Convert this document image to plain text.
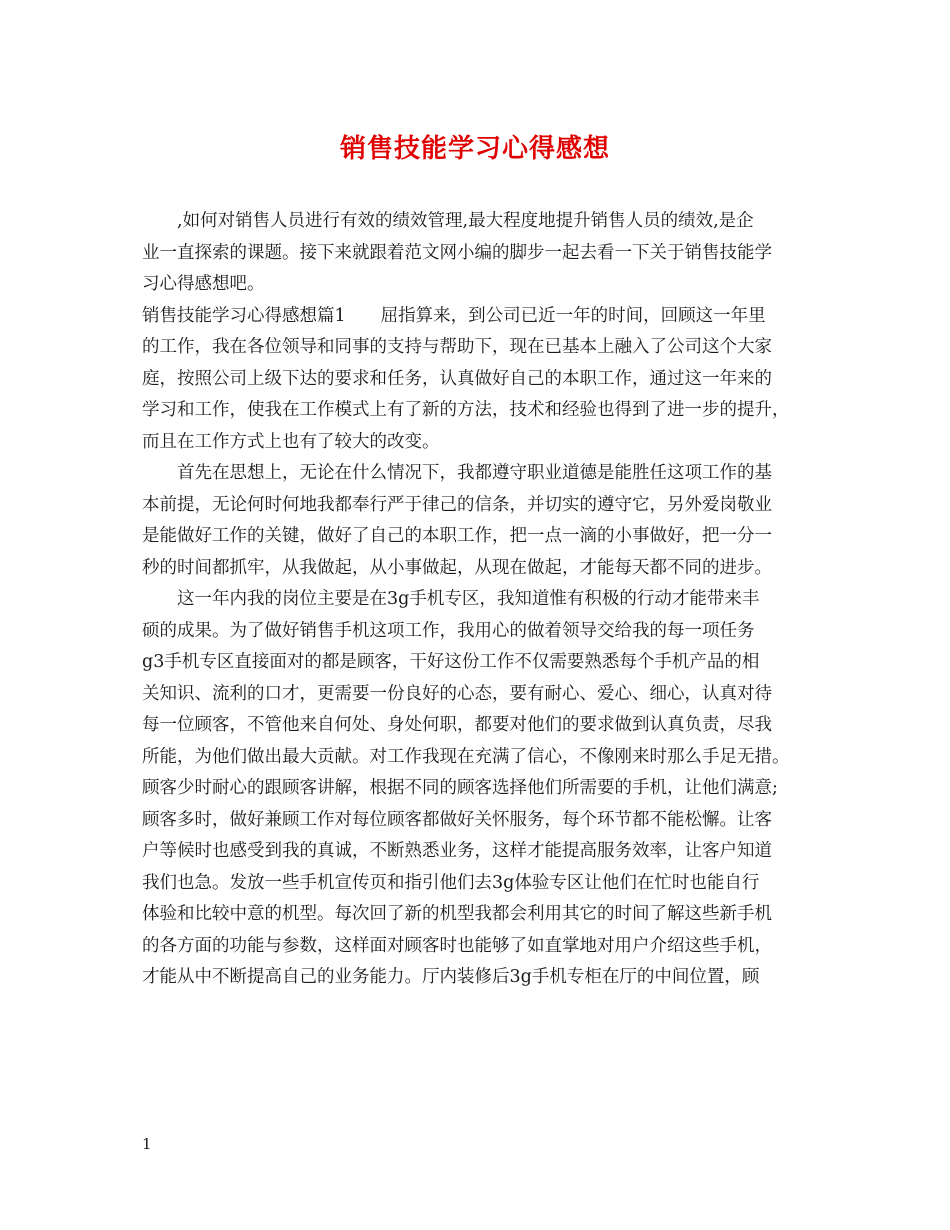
销售技能学习心得感想
,如何对销售人员进行有效的绩效管理,最大程度地提升销售人员的绩效,是企
业一直探索的课题。接下来就跟着范文网小编的脚步一起去看一下关于销售技能学
习心得感想吧。
销售技能学习心得感想篇1　　屈指算来，到公司已近一年的时间，回顾这一年里
的工作，我在各位领导和同事的支持与帮助下，现在已基本上融入了公司这个大家
庭，按照公司上级下达的要求和任务，认真做好自己的本职工作，通过这一年来的
学习和工作，使我在工作模式上有了新的方法，技术和经验也得到了进一步的提升，
而且在工作方式上也有了较大的改变。
首先在思想上，无论在什么情况下，我都遵守职业道德是能胜任这项工作的基
本前提，无论何时何地我都奉行严于律己的信条，并切实的遵守它，另外爱岗敬业
是能做好工作的关键，做好了自己的本职工作，把一点一滴的小事做好，把一分一
秒的时间都抓牢，从我做起，从小事做起，从现在做起，才能每天都不同的进步。
这一年内我的岗位主要是在3g手机专区，我知道惟有积极的行动才能带来丰
硕的成果。为了做好销售手机这项工作，我用心的做着领导交给我的每一项任务
g3手机专区直接面对的都是顾客，干好这份工作不仅需要熟悉每个手机产品的相
关知识、流利的口才，更需要一份良好的心态，要有耐心、爱心、细心，认真对待
每一位顾客，不管他来自何处、身处何职，都要对他们的要求做到认真负责，尽我
所能，为他们做出最大贡献。对工作我现在充满了信心，不像刚来时那么手足无措。
顾客少时耐心的跟顾客讲解，根据不同的顾客选择他们所需要的手机，让他们满意;
顾客多时，做好兼顾工作对每位顾客都做好关怀服务，每个环节都不能松懈。让客
户等候时也感受到我的真诚，不断熟悉业务，这样才能提高服务效率，让客户知道
我们也急。发放一些手机宣传页和指引他们去3g体验专区让他们在忙时也能自行
体验和比较中意的机型。每次回了新的机型我都会利用其它的时间了解这些新手机
的各方面的功能与参数，这样面对顾客时也能够了如直掌地对用户介绍这些手机，
才能从中不断提高自己的业务能力。厅内装修后3g手机专柜在厅的中间位置，顾
1
